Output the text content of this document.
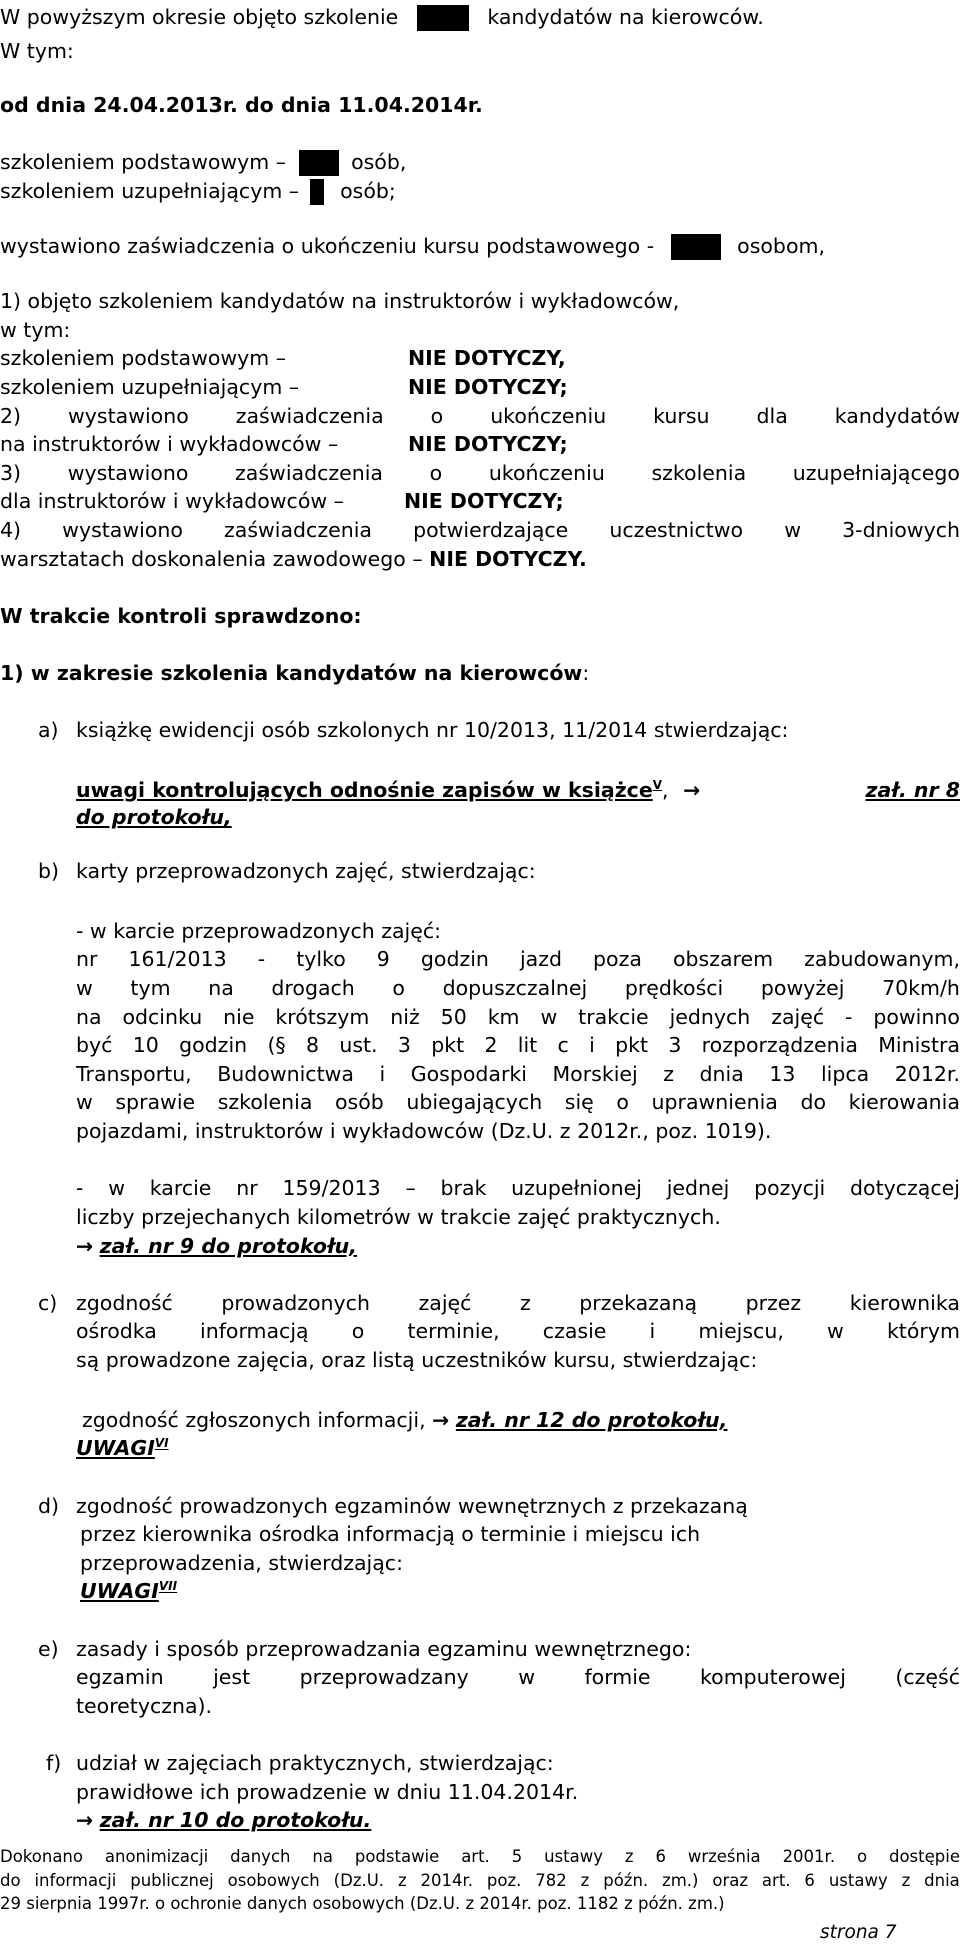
W powyższym okresie objęto szkolenie	kandydatów na kierowców.
W tym:
od dnia 24.04.2013r. do dnia 11.04.2014r.
szkoleniem podstawowym –	osób,
szkoleniem uzupełniającym – osób;
wystawiono zaświadczenia o ukończeniu kursu podstawowego -	osobom,
1) objęto szkoleniem kandydatów na instruktorów i wykładowców,
w tym:
szkoleniem podstawowym –	NIE DOTYCZY,
szkoleniem uzupełniającym –	NIE DOTYCZY;
2) wystawiono zaświadczenia o ukończeniu kursu dla kandydatów
na instruktorów i wykładowców –	NIE DOTYCZY;
3) wystawiono zaświadczenia o ukończeniu szkolenia uzupełniającego
dla instruktorów i wykładowców –	NIE DOTYCZY;
4) wystawiono zaświadczenia potwierdzające uczestnictwo w 3-dniowych
warsztatach doskonalenia zawodowego – NIE DOTYCZY.
W trakcie kontroli sprawdzono:
1) w zakresie szkolenia kandydatów na kierowców:
a) książkę ewidencji osób szkolonych nr 10/2013, 11/2014 stwierdzając:
uwagi kontrolujących odnośnie zapisów w książce$^V$, →	zał. nr 8
do protokołu,
b) karty przeprowadzonych zajęć, stwierdzając:
- w karcie przeprowadzonych zajęć:
nr 161/2013 - tylko 9 godzin jazd poza obszarem zabudowanym,
w tym na drogach o dopuszczalnej prędkości powyżej 70km/h
na odcinku nie krótszym niż 50 km w trakcie jednych zajęć - powinno
być 10 godzin (§ 8 ust. 3 pkt 2 lit c i pkt 3 rozporządzenia Ministra
Transportu, Budownictwa i Gospodarki Morskiej z dnia 13 lipca 2012r.
w sprawie szkolenia osób ubiegających się o uprawnienia do kierowania
pojazdami, instruktorów i wykładowców (Dz.U. z 2012r., poz. 1019).
- w karcie nr 159/2013 – brak uzupełnionej jednej pozycji dotyczącej
liczby przejechanych kilometrów w trakcie zajęć praktycznych.
→ zał. nr 9 do protokołu,
c) zgodność prowadzonych zajęć z przekazaną przez kierownika
ośrodka informacją o terminie, czasie i miejscu, w którym
są prowadzone zajęcia, oraz listą uczestników kursu, stwierdzając:
zgodność zgłoszonych informacji, → zał. nr 12 do protokołu,
$UWAGI^{VI}$
d) zgodność prowadzonych egzaminów wewnętrznych z przekazaną
przez kierownika ośrodka informacją o terminie i miejscu ich
przeprowadzenia, stwierdzając:
$UWAGI^{VII}$
e) zasady i sposób przeprowadzania egzaminu wewnętrznego:
egzamin jest przeprowadzany w formie komputerowej (część
teoretyczna).
f) udział w zajęciach praktycznych, stwierdzając:
prawidłowe ich prowadzenie w dniu 11.04.2014r.
→ zał. nr 10 do protokołu.
Dokonano anonimizacji danych na podstawie art. 5 ustawy z 6 września 2001r. o dostępie
do informacji publicznej osobowych (Dz.U. z 2014r. poz. 782 z późn. zm.) oraz art. 6 ustawy z dnia
29 sierpnia 1997r. o ochronie danych osobowych (Dz.U. z 2014r. poz. 1182 z późn. zm.)
strona 7
